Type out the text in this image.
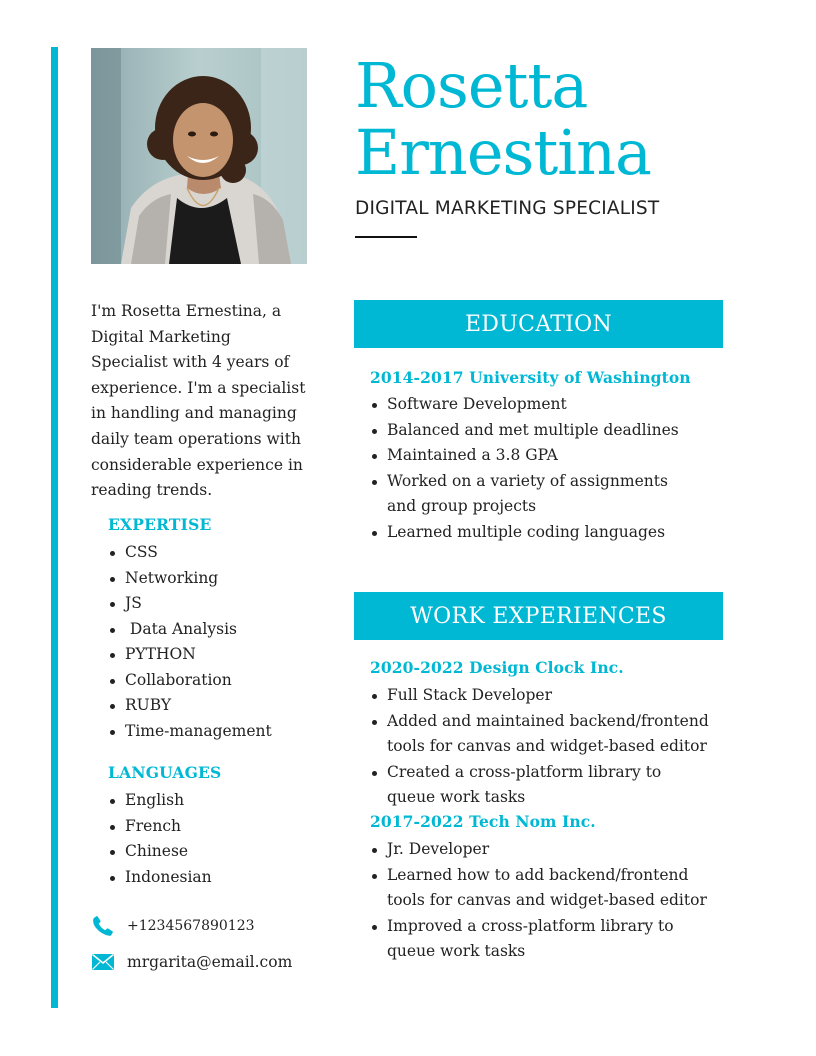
Rosetta
Ernestina
DIGITAL MARKETING SPECIALIST

I'm Rosetta Ernestina, a Digital Marketing Specialist with 4 years of experience. I'm a specialist in handling and managing daily team operations with considerable experience in reading trends.

EXPERTISE
CSS
Networking
JS
Data Analysis
PYTHON
Collaboration
RUBY
Time-management
LANGUAGES
English
French
Chinese
Indonesian
+1234567890123
mrgarita@email.com
EDUCATION
2014-2017 University of Washington
Software Development
Balanced and met multiple deadlines
Maintained a 3.8 GPA
Worked on a variety of assignments and group projects
Learned multiple coding languages
WORK EXPERIENCES
2020-2022 Design Clock Inc.
Full Stack Developer
Added and maintained backend/frontend tools for canvas and widget-based editor
Created a cross-platform library to queue work tasks
2017-2022 Tech Nom Inc.
Jr. Developer
Learned how to add backend/frontend tools for canvas and widget-based editor
Improved a cross-platform library to queue work tasks
